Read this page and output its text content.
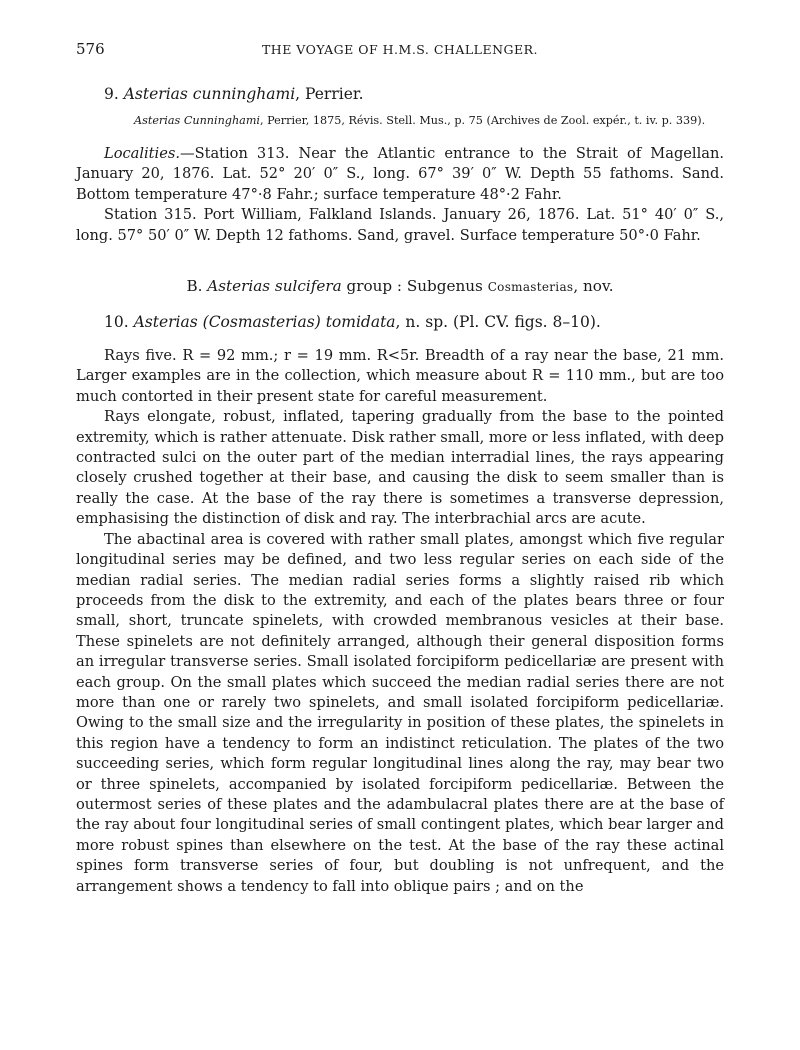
576	THE VOYAGE OF H.M.S. CHALLENGER.

9. Asterias cunninghami, Perrier.

Asterias Cunninghami, Perrier, 1875, Révis. Stell. Mus., p. 75 (Archives de Zool. expér., t. iv. p. 339).

Localities.—Station 313. Near the Atlantic entrance to the Strait of Magellan. January 20, 1876. Lat. 52° 20′ 0″ S., long. 67° 39′ 0″ W. Depth 55 fathoms. Sand. Bottom temperature 47°·8 Fahr.; surface temperature 48°·2 Fahr.

Station 315. Port William, Falkland Islands. January 26, 1876. Lat. 51° 40′ 0″ S., long. 57° 50′ 0″ W. Depth 12 fathoms. Sand, gravel. Surface temperature 50°·0 Fahr.

B. Asterias sulcifera group : Subgenus Cosmasterias, nov.

10. Asterias (Cosmasterias) tomidata, n. sp. (Pl. CV. figs. 8–10).

Rays five. R = 92 mm.; r = 19 mm. R<5r. Breadth of a ray near the base, 21 mm. Larger examples are in the collection, which measure about R = 110 mm., but are too much contorted in their present state for careful measurement.

Rays elongate, robust, inflated, tapering gradually from the base to the pointed extremity, which is rather attenuate. Disk rather small, more or less inflated, with deep contracted sulci on the outer part of the median interradial lines, the rays appearing closely crushed together at their base, and causing the disk to seem smaller than is really the case. At the base of the ray there is sometimes a transverse depression, emphasising the distinction of disk and ray. The interbrachial arcs are acute.

The abactinal area is covered with rather small plates, amongst which five regular longitudinal series may be defined, and two less regular series on each side of the median radial series. The median radial series forms a slightly raised rib which proceeds from the disk to the extremity, and each of the plates bears three or four small, short, truncate spinelets, with crowded membranous vesicles at their base. These spinelets are not definitely arranged, although their general disposition forms an irregular transverse series. Small isolated forcipiform pedicellariæ are present with each group. On the small plates which succeed the median radial series there are not more than one or rarely two spinelets, and small isolated forcipiform pedicellariæ. Owing to the small size and the irregularity in position of these plates, the spinelets in this region have a tendency to form an indistinct reticulation. The plates of the two succeeding series, which form regular longitudinal lines along the ray, may bear two or three spinelets, accompanied by isolated forcipiform pedicellariæ. Between the outermost series of these plates and the adambulacral plates there are at the base of the ray about four longitudinal series of small contingent plates, which bear larger and more robust spines than elsewhere on the test. At the base of the ray these actinal spines form transverse series of four, but doubling is not unfrequent, and the arrangement shows a tendency to fall into oblique pairs ; and on the
